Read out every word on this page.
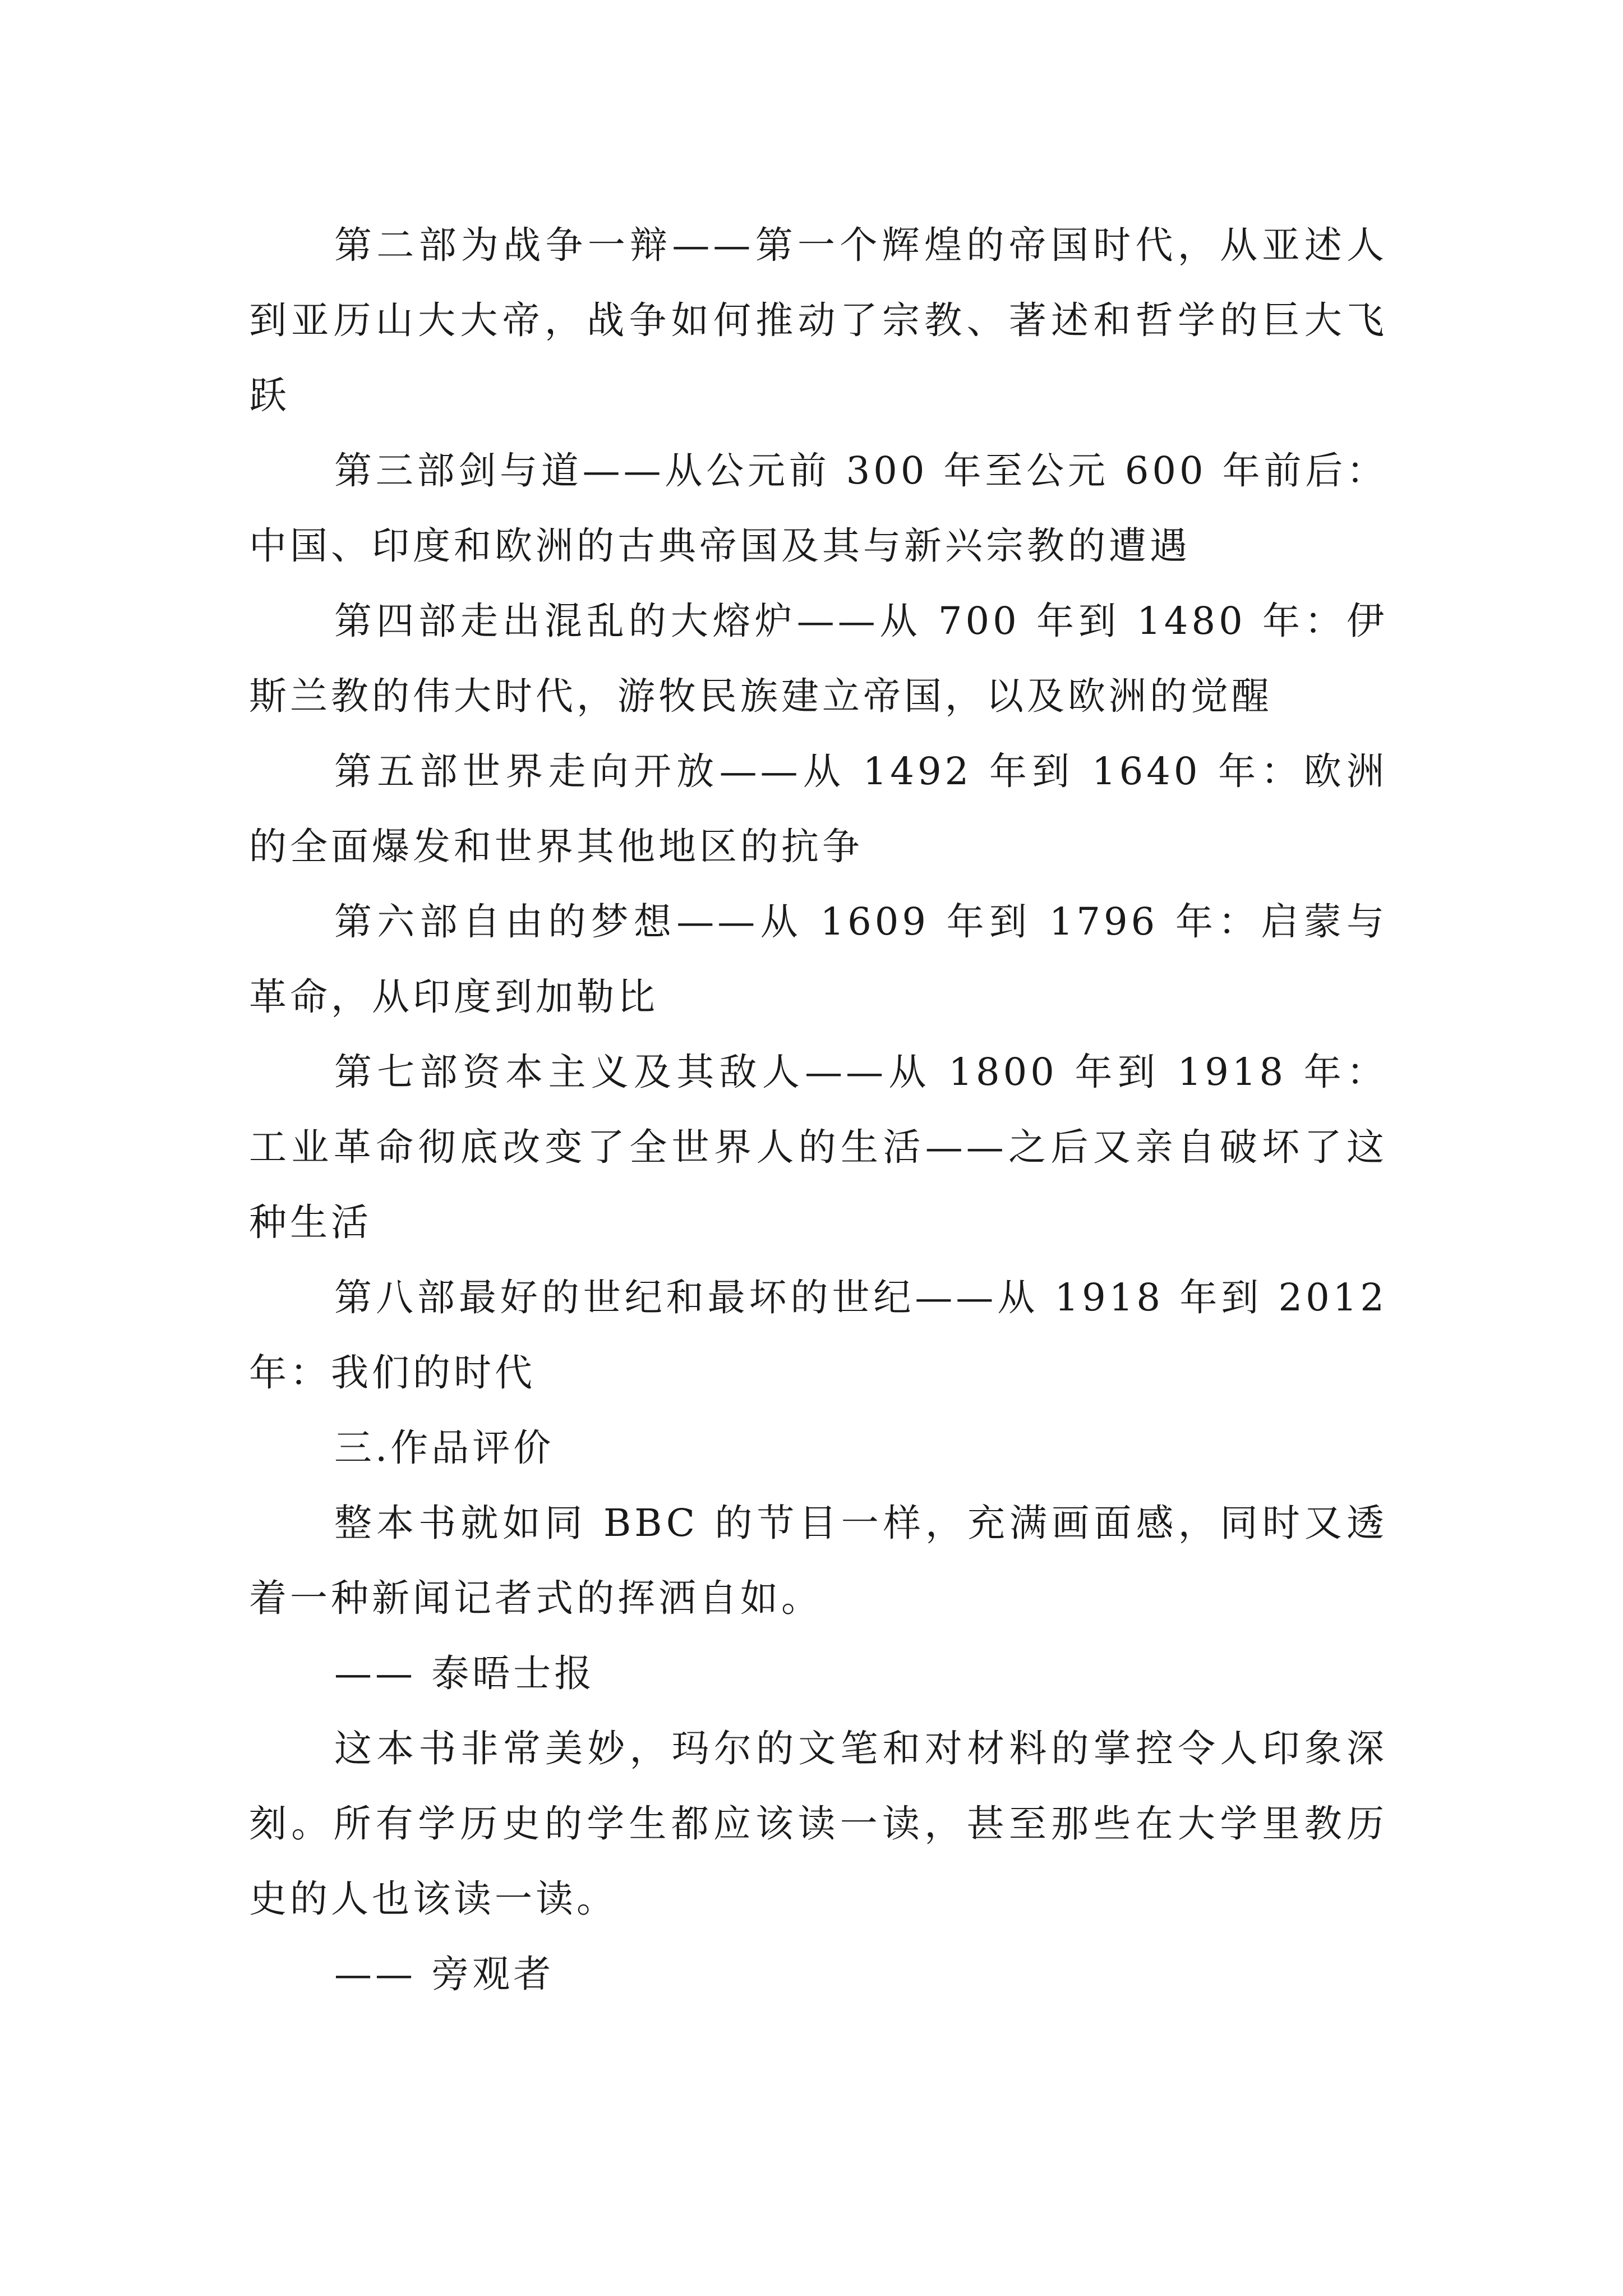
第二部为战争一辩——第一个辉煌的帝国时代，从亚述人到亚历山大大帝，战争如何推动了宗教、著述和哲学的巨大飞跃

第三部剑与道——从公元前 300 年至公元 600 年前后：中国、印度和欧洲的古典帝国及其与新兴宗教的遭遇

第四部走出混乱的大熔炉——从 700 年到 1480 年：伊斯兰教的伟大时代，游牧民族建立帝国，以及欧洲的觉醒

第五部世界走向开放——从 1492 年到 1640 年：欧洲的全面爆发和世界其他地区的抗争

第六部自由的梦想——从 1609 年到 1796 年：启蒙与革命，从印度到加勒比

第七部资本主义及其敌人——从 1800 年到 1918 年：工业革命彻底改变了全世界人的生活——之后又亲自破坏了这种生活

第八部最好的世纪和最坏的世纪——从 1918 年到 2012 年：我们的时代

三.作品评价

整本书就如同 BBC 的节目一样，充满画面感，同时又透着一种新闻记者式的挥洒自如。

—— 泰晤士报

这本书非常美妙，玛尔的文笔和对材料的掌控令人印象深刻。所有学历史的学生都应该读一读，甚至那些在大学里教历史的人也该读一读。

—— 旁观者
